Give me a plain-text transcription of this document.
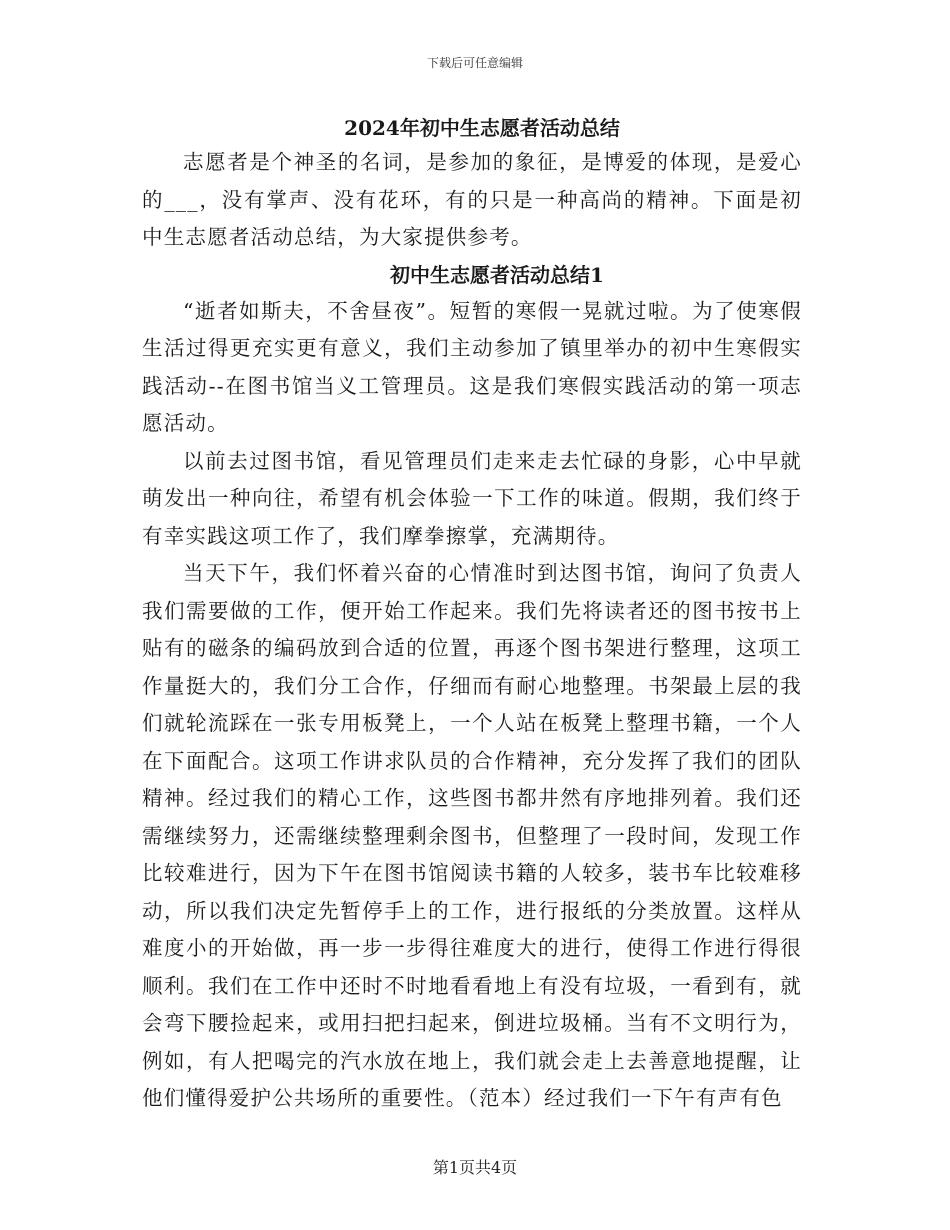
下载后可任意编辑
2024年初中生志愿者活动总结

志愿者是个神圣的名词，是参加的象征，是博爱的体现，是爱心的___，没有掌声、没有花环，有的只是一种高尚的精神。下面是初中生志愿者活动总结，为大家提供参考。

初中生志愿者活动总结1

“逝者如斯夫，不舍昼夜”。短暂的寒假一晃就过啦。为了使寒假生活过得更充实更有意义，我们主动参加了镇里举办的初中生寒假实践活动--在图书馆当义工管理员。这是我们寒假实践活动的第一项志愿活动。

以前去过图书馆，看见管理员们走来走去忙碌的身影，心中早就萌发出一种向往，希望有机会体验一下工作的味道。假期，我们终于有幸实践这项工作了，我们摩拳擦掌，充满期待。

当天下午，我们怀着兴奋的心情准时到达图书馆，询问了负责人我们需要做的工作，便开始工作起来。我们先将读者还的图书按书上贴有的磁条的编码放到合适的位置，再逐个图书架进行整理，这项工作量挺大的，我们分工合作，仔细而有耐心地整理。书架最上层的我们就轮流踩在一张专用板凳上，一个人站在板凳上整理书籍，一个人在下面配合。这项工作讲求队员的合作精神，充分发挥了我们的团队精神。经过我们的精心工作，这些图书都井然有序地排列着。我们还需继续努力，还需继续整理剩余图书，但整理了一段时间，发现工作比较难进行，因为下午在图书馆阅读书籍的人较多，装书车比较难移动，所以我们决定先暂停手上的工作，进行报纸的分类放置。这样从难度小的开始做，再一步一步得往难度大的进行，使得工作进行得很顺利。我们在工作中还时不时地看看地上有没有垃圾，一看到有，就会弯下腰捡起来，或用扫把扫起来，倒进垃圾桶。当有不文明行为，例如，有人把喝完的汽水放在地上，我们就会走上去善意地提醒，让他们懂得爱护公共场所的重要性。（范本）经过我们一下午有声有色

第1页共4页
